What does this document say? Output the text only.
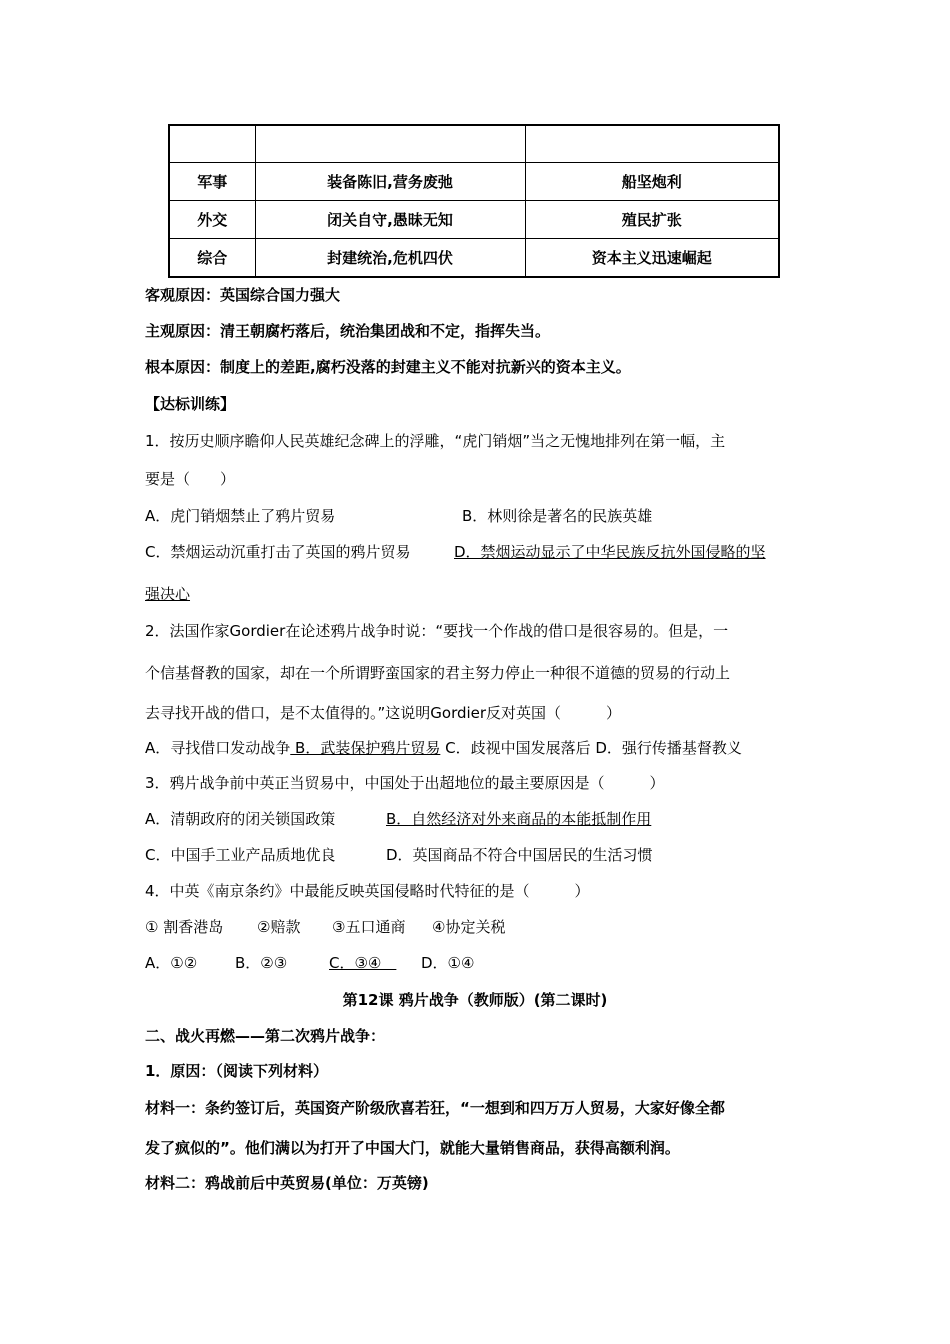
军事	装备陈旧,营务废弛	船坚炮利
外交	闭关自守,愚昧无知	殖民扩张
综合	封建统治,危机四伏	资本主义迅速崛起
客观原因：英国综合国力强大
主观原因：清王朝腐朽落后，统治集团战和不定，指挥失当。
根本原因：制度上的差距,腐朽没落的封建主义不能对抗新兴的资本主义。
【达标训练】
1．按历史顺序瞻仰人民英雄纪念碑上的浮雕，“虎门销烟”当之无愧地排列在第一幅，主
要是（　　）
A．虎门销烟禁止了鸦片贸易	B．林则徐是著名的民族英雄
C．禁烟运动沉重打击了英国的鸦片贸易	D．禁烟运动显示了中华民族反抗外国侵略的坚
强决心
2．法国作家Gordier在论述鸦片战争时说：“要找一个作战的借口是很容易的。但是，一
个信基督教的国家，却在一个所谓野蛮国家的君主努力停止一种很不道德的贸易的行动上
去寻找开战的借口，是不太值得的。”这说明Gordier反对英国（　　　）
A．寻找借口发动战争 B．武装保护鸦片贸易 C．歧视中国发展落后 D．强行传播基督教义
3．鸦片战争前中英正当贸易中，中国处于出超地位的最主要原因是（　　　）
A．清朝政府的闭关锁国政策	B．自然经济对外来商品的本能抵制作用
C．中国手工业产品质地优良	D．英国商品不符合中国居民的生活习惯
4．中英《南京条约》中最能反映英国侵略时代特征的是（　　　）
① 割香港岛 ②赔款 ③五口通商 ④协定关税
A．①②	B．②③	C．③④　D．①④
第12课 鸦片战争（教师版）(第二课时)
二、战火再燃——第二次鸦片战争：
1．原因：（阅读下列材料）
材料一：条约签订后，英国资产阶级欣喜若狂，“一想到和四万万人贸易，大家好像全都
发了疯似的”。他们满以为打开了中国大门，就能大量销售商品，获得高额利润。
材料二：鸦战前后中英贸易(单位：万英镑)
